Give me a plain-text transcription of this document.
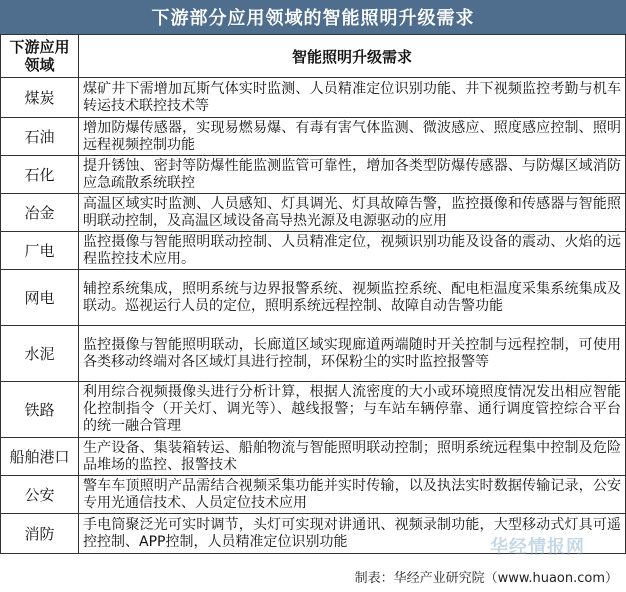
下游部分应用领域的智能照明升级需求
下游应用领域	智能照明升级需求
煤炭	煤矿井下需增加瓦斯气体实时监测、人员精准定位识别功能、井下视频监控考勤与机车转运技术联控技术等
石油	增加防爆传感器，实现易燃易爆、有毒有害气体监测、微波感应、照度感应控制、照明远程视频控制功能
石化	提升锈蚀、密封等防爆性能监测监管可靠性，增加各类型防爆传感器、与防爆区域消防应急疏散系统联控
冶金	高温区域实时监测、人员感知、灯具调光、灯具故障告警，监控摄像和传感器与智能照明联动控制，及高温区域设备高导热光源及电源驱动的应用
厂电	监控摄像与智能照明联动控制、人员精准定位，视频识别功能及设备的震动、火焰的远程监控技术应用。
网电	辅控系统集成，照明系统与边界报警系统、视频监控系统、配电柜温度采集系统集成及联动。巡视运行人员的定位，照明系统远程控制、故障自动告警功能
水泥	监控摄像与智能照明联动，长廊道区域实现廊道两端随时开关控制与远程控制，可使用各类移动终端对各区域灯具进行控制，环保粉尘的实时监控报警等
铁路	利用综合视频摄像头进行分析计算，根据人流密度的大小或环境照度情况发出相应智能化控制指令（开关灯、调光等）、越线报警；与车站车辆停靠、通行调度管控综合平台的统一融合管理
船舶港口	生产设备、集装箱转运、船舶物流与智能照明联动控制；照明系统远程集中控制及危险品堆场的监控、报警技术
公安	警车车顶照明产品需结合视频采集功能并实时传输，以及执法实时数据传输记录，公安专用光通信技术、人员定位技术应用
消防	手电筒聚泛光可实时调节，头灯可实现对讲通讯、视频录制功能，大型移动式灯具可遥控控制、APP控制，人员精准定位识别功能	华经情报网
制表：华经产业研究院（www.huaon.com）
